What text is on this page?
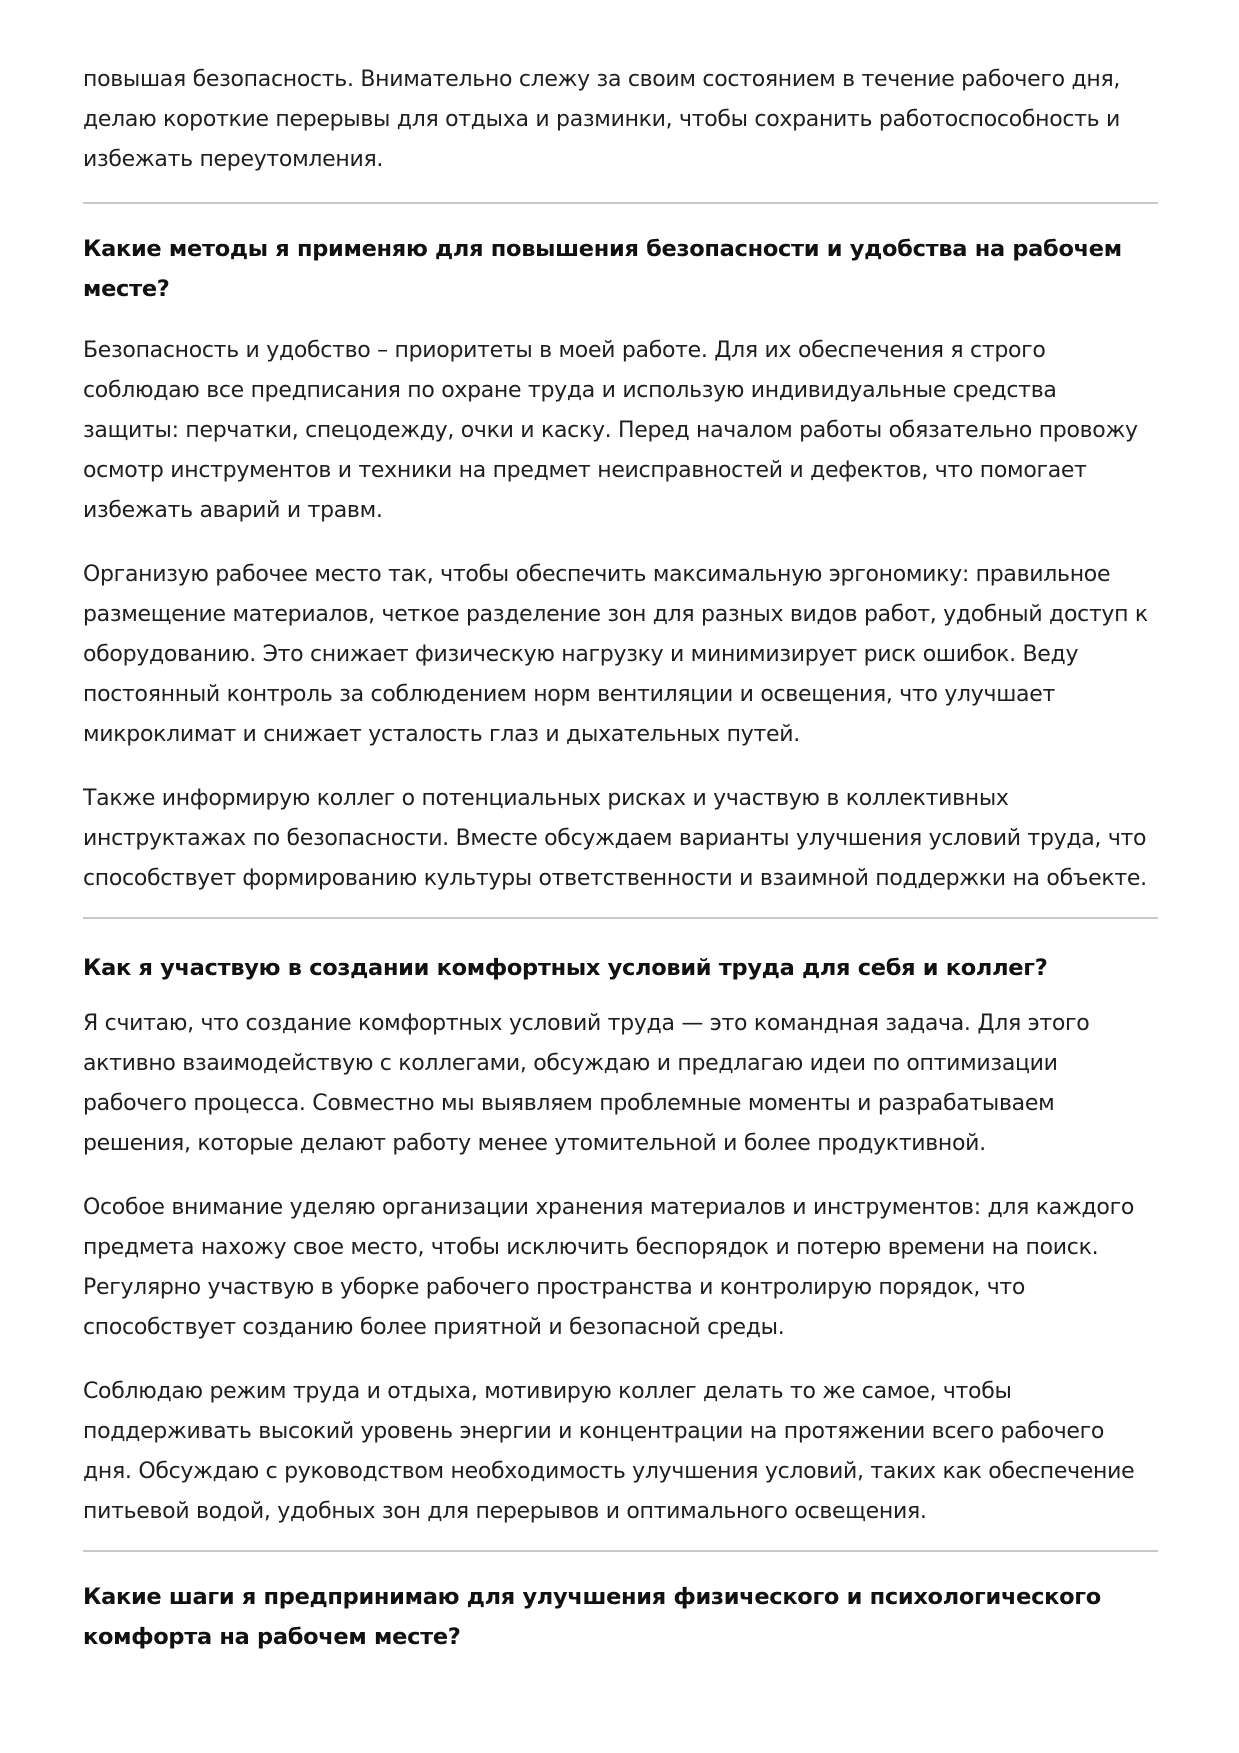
повышая безопасность. Внимательно слежу за своим состоянием в течение рабочего дня, делаю короткие перерывы для отдыха и разминки, чтобы сохранить работоспособность и избежать переутомления.

Какие методы я применяю для повышения безопасности и удобства на рабочем месте?

Безопасность и удобство – приоритеты в моей работе. Для их обеспечения я строго соблюдаю все предписания по охране труда и использую индивидуальные средства защиты: перчатки, спецодежду, очки и каску. Перед началом работы обязательно провожу осмотр инструментов и техники на предмет неисправностей и дефектов, что помогает избежать аварий и травм.

Организую рабочее место так, чтобы обеспечить максимальную эргономику: правильное размещение материалов, четкое разделение зон для разных видов работ, удобный доступ к оборудованию. Это снижает физическую нагрузку и минимизирует риск ошибок. Веду постоянный контроль за соблюдением норм вентиляции и освещения, что улучшает микроклимат и снижает усталость глаз и дыхательных путей.

Также информирую коллег о потенциальных рисках и участвую в коллективных инструктажах по безопасности. Вместе обсуждаем варианты улучшения условий труда, что способствует формированию культуры ответственности и взаимной поддержки на объекте.

Как я участвую в создании комфортных условий труда для себя и коллег?

Я считаю, что создание комфортных условий труда — это командная задача. Для этого активно взаимодействую с коллегами, обсуждаю и предлагаю идеи по оптимизации рабочего процесса. Совместно мы выявляем проблемные моменты и разрабатываем решения, которые делают работу менее утомительной и более продуктивной.

Особое внимание уделяю организации хранения материалов и инструментов: для каждого предмета нахожу свое место, чтобы исключить беспорядок и потерю времени на поиск. Регулярно участвую в уборке рабочего пространства и контролирую порядок, что способствует созданию более приятной и безопасной среды.

Соблюдаю режим труда и отдыха, мотивирую коллег делать то же самое, чтобы поддерживать высокий уровень энергии и концентрации на протяжении всего рабочего дня. Обсуждаю с руководством необходимость улучшения условий, таких как обеспечение питьевой водой, удобных зон для перерывов и оптимального освещения.

Какие шаги я предпринимаю для улучшения физического и психологического комфорта на рабочем месте?
